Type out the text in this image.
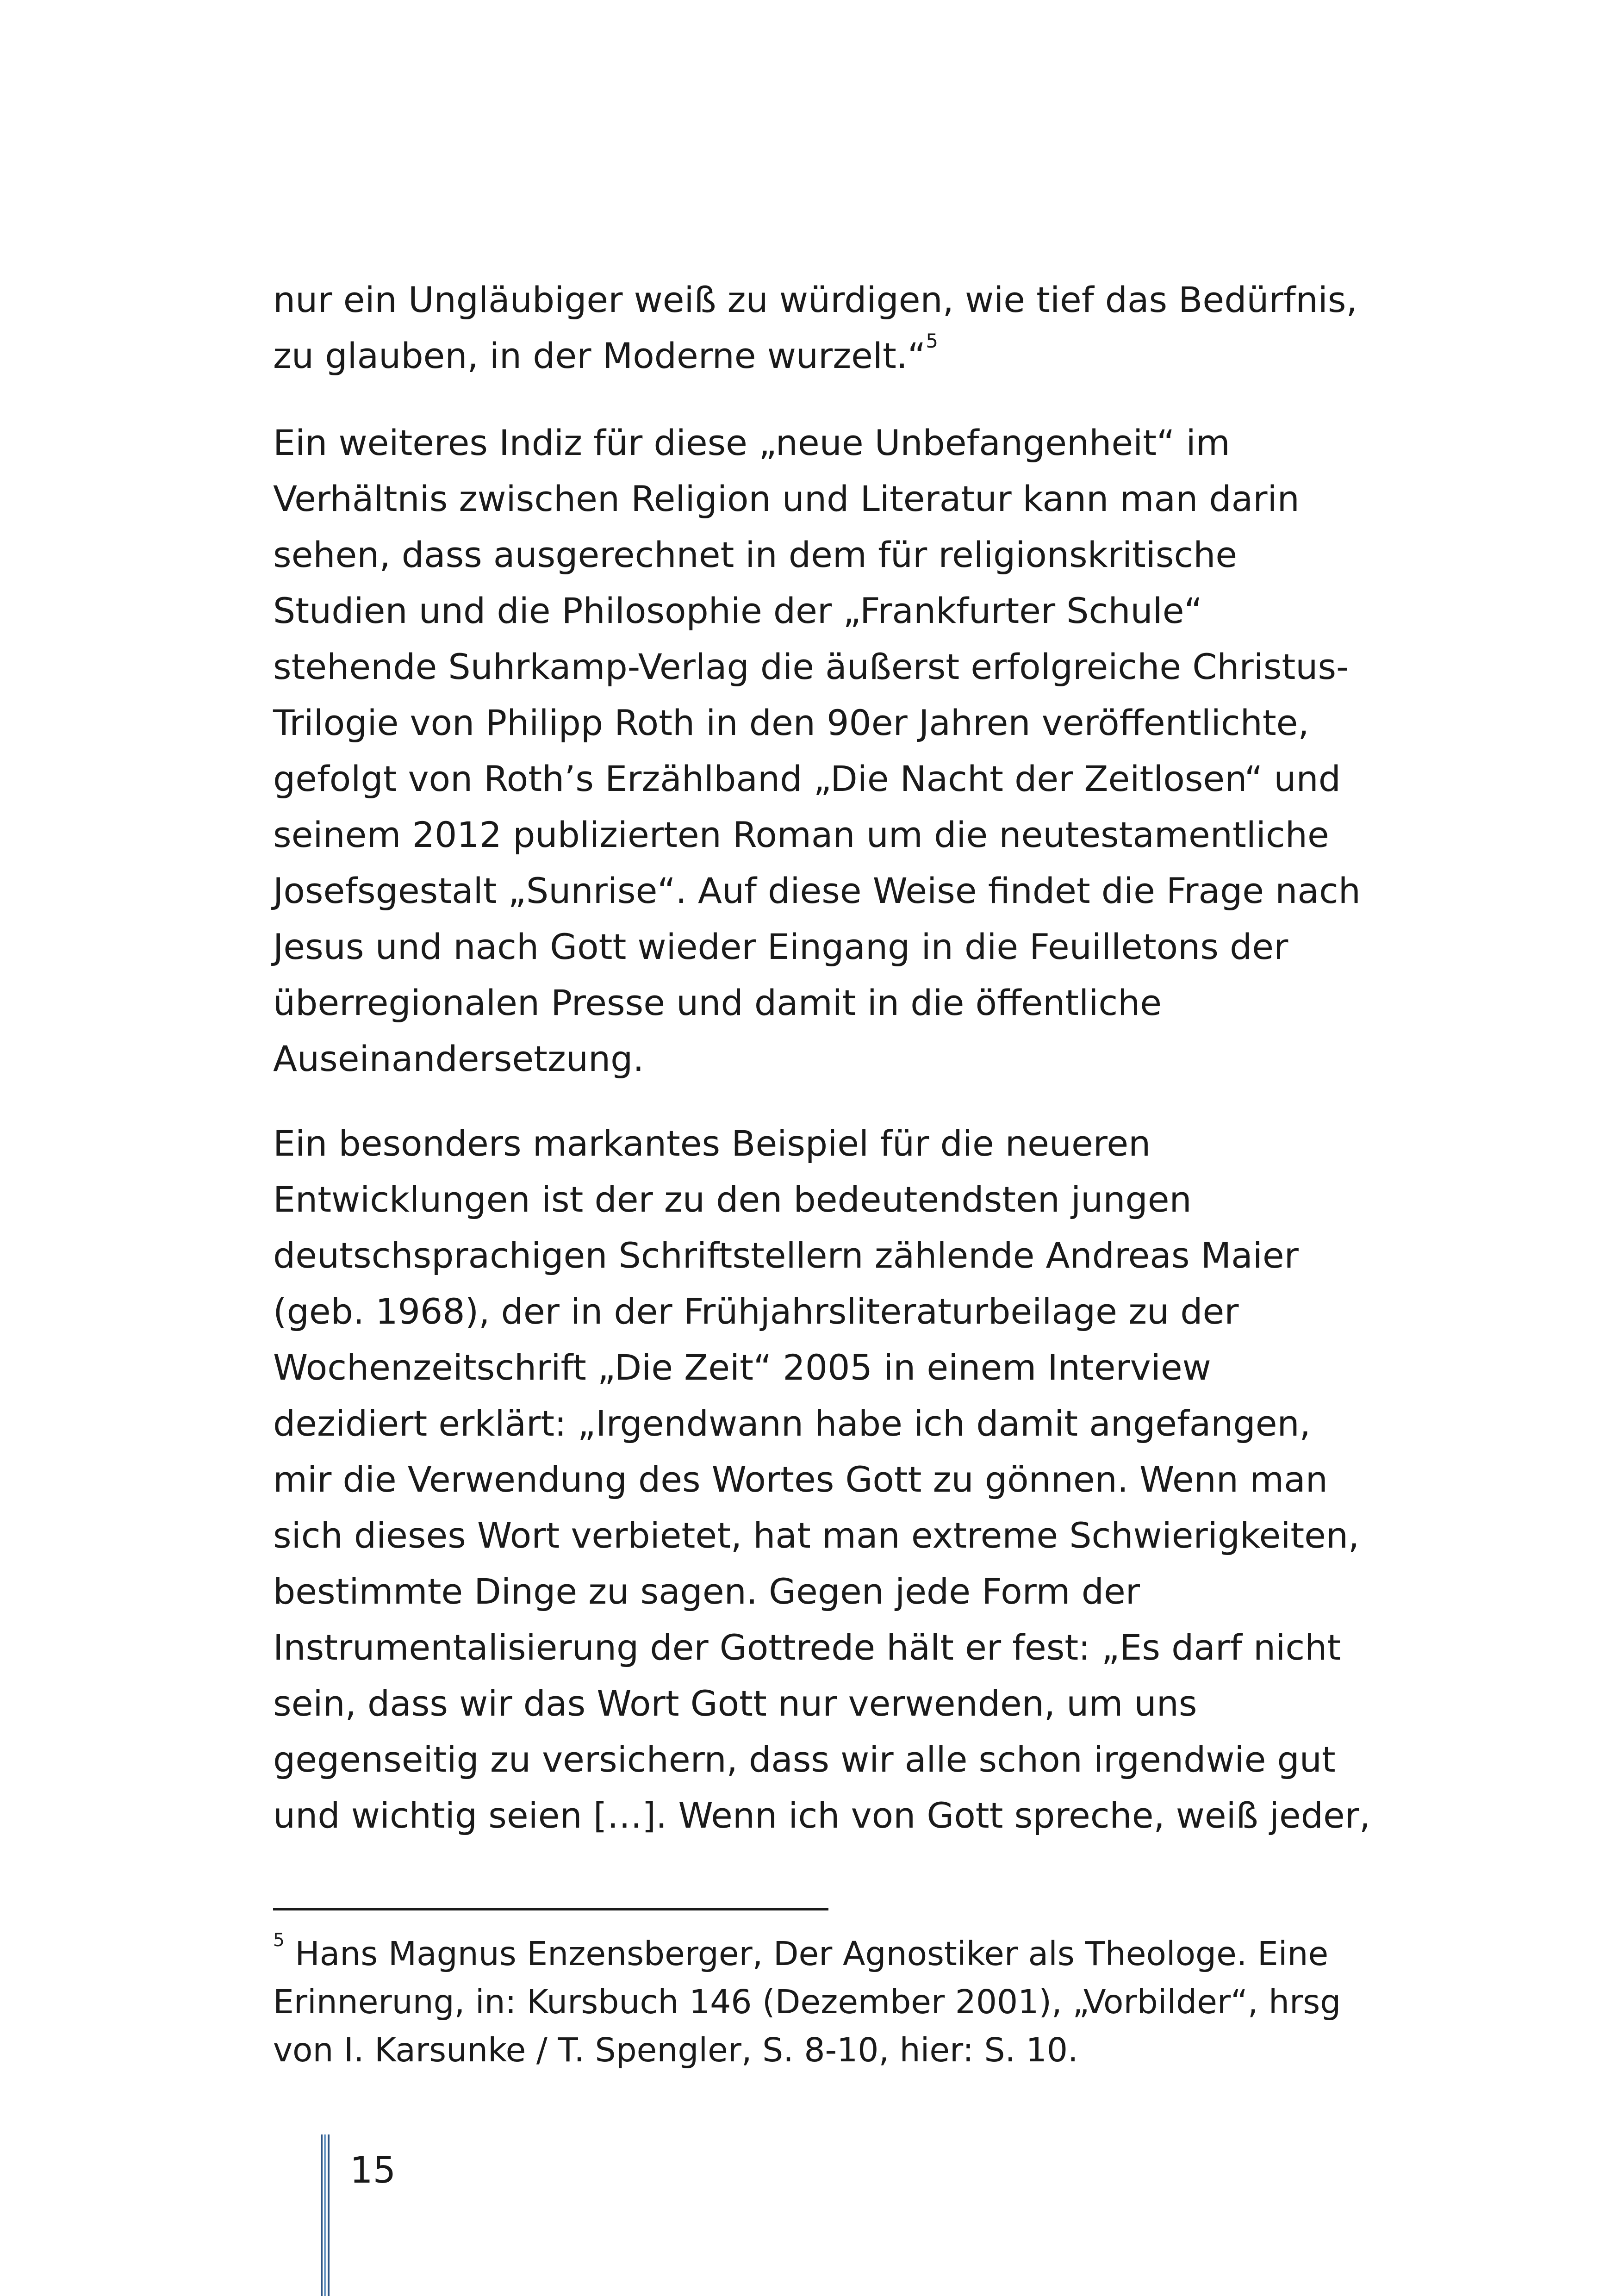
nur ein Ungläubiger weiß zu würdigen, wie tief das Bedürfnis,
zu glauben, in der Moderne wurzelt.“$^5$
Ein weiteres Indiz für diese „neue Unbefangenheit“ im
Verhältnis zwischen Religion und Literatur kann man darin
sehen, dass ausgerechnet in dem für religionskritische
Studien und die Philosophie der „Frankfurter Schule“
stehende Suhrkamp-Verlag die äußerst erfolgreiche Christus-
Trilogie von Philipp Roth in den 90er Jahren veröffentlichte,
gefolgt von Roth’s Erzählband „Die Nacht der Zeitlosen“ und
seinem 2012 publizierten Roman um die neutestamentliche
Josefsgestalt „Sunrise“. Auf diese Weise findet die Frage nach
Jesus und nach Gott wieder Eingang in die Feuilletons der
überregionalen Presse und damit in die öffentliche
Auseinandersetzung.
Ein besonders markantes Beispiel für die neueren
Entwicklungen ist der zu den bedeutendsten jungen
deutschsprachigen Schriftstellern zählende Andreas Maier
(geb. 1968), der in der Frühjahrsliteraturbeilage zu der
Wochenzeitschrift „Die Zeit“ 2005 in einem Interview
dezidiert erklärt: „Irgendwann habe ich damit angefangen,
mir die Verwendung des Wortes Gott zu gönnen. Wenn man
sich dieses Wort verbietet, hat man extreme Schwierigkeiten,
bestimmte Dinge zu sagen. Gegen jede Form der
Instrumentalisierung der Gottrede hält er fest: „Es darf nicht
sein, dass wir das Wort Gott nur verwenden, um uns
gegenseitig zu versichern, dass wir alle schon irgendwie gut
und wichtig seien […]. Wenn ich von Gott spreche, weiß jeder,
$^5$ Hans Magnus Enzensberger, Der Agnostiker als Theologe. Eine
Erinnerung, in: Kursbuch 146 (Dezember 2001), „Vorbilder“, hrsg
von I. Karsunke / T. Spengler, S. 8-10, hier: S. 10.
15
